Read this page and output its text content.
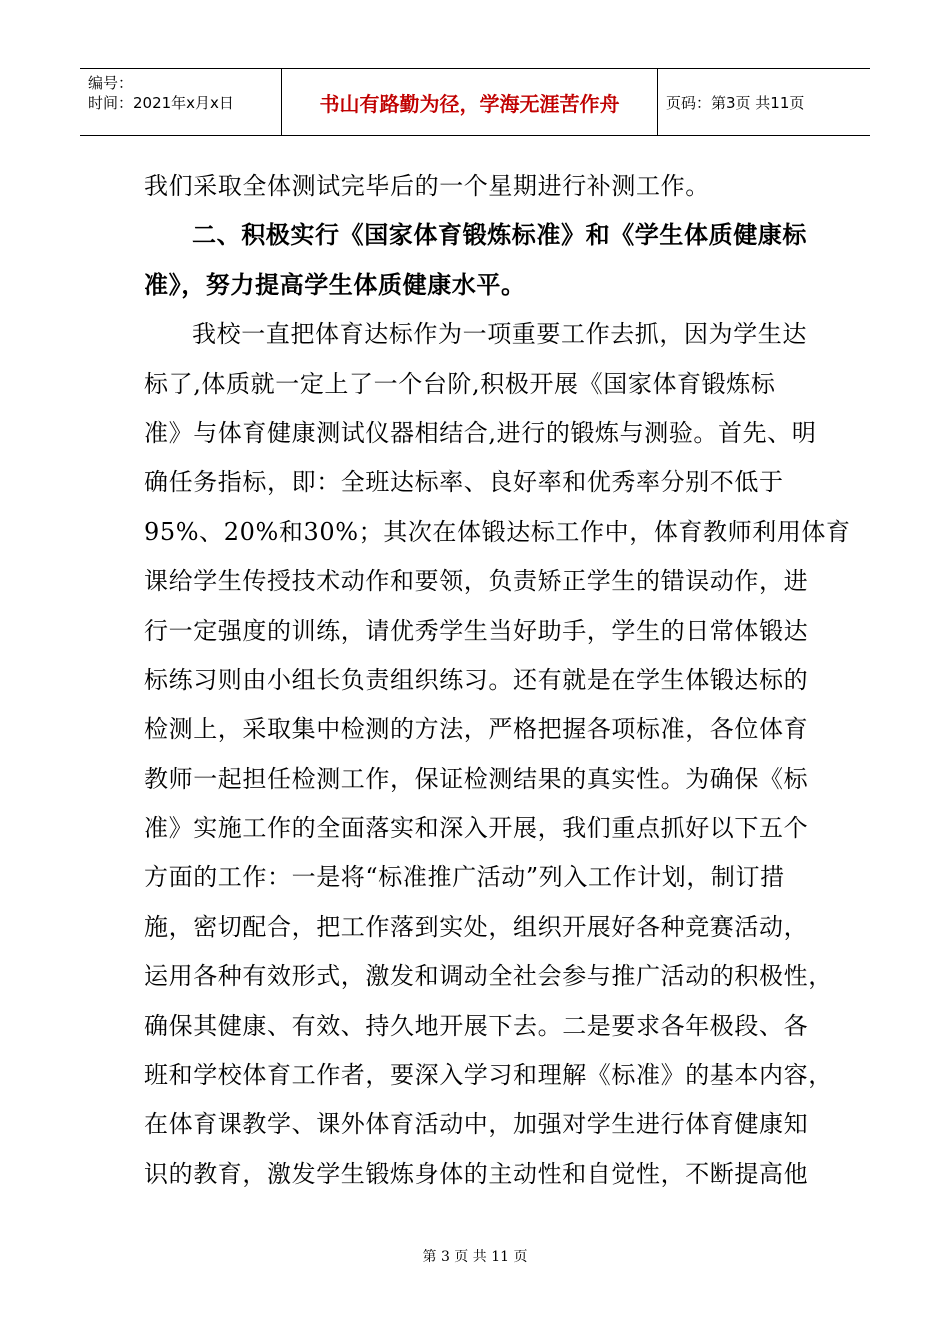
编号：
时间：2021年x月x日	书山有路勤为径，学海无涯苦作舟	页码：第3页 共11页
我们采取全体测试完毕后的一个星期进行补测工作。
二、积极实行《国家体育锻炼标准》和《学生体质健康标
准》，努力提高学生体质健康水平。
我校一直把体育达标作为一项重要工作去抓，因为学生达
标了,体质就一定上了一个台阶,积极开展《国家体育锻炼标
准》与体育健康测试仪器相结合,进行的锻炼与测验。首先、明
确任务指标，即：全班达标率、良好率和优秀率分别不低于
95%、20%和30%；其次在体锻达标工作中，体育教师利用体育
课给学生传授技术动作和要领，负责矫正学生的错误动作，进
行一定强度的训练，请优秀学生当好助手，学生的日常体锻达
标练习则由小组长负责组织练习。还有就是在学生体锻达标的
检测上，采取集中检测的方法，严格把握各项标准，各位体育
教师一起担任检测工作，保证检测结果的真实性。为确保《标
准》实施工作的全面落实和深入开展，我们重点抓好以下五个
方面的工作：一是将“标准推广活动”列入工作计划，制订措
施，密切配合，把工作落到实处，组织开展好各种竞赛活动，
运用各种有效形式，激发和调动全社会参与推广活动的积极性，
确保其健康、有效、持久地开展下去。二是要求各年极段、各
班和学校体育工作者，要深入学习和理解《标准》的基本内容，
在体育课教学、课外体育活动中，加强对学生进行体育健康知
识的教育，激发学生锻炼身体的主动性和自觉性，不断提高他
第 3 页 共 11 页
